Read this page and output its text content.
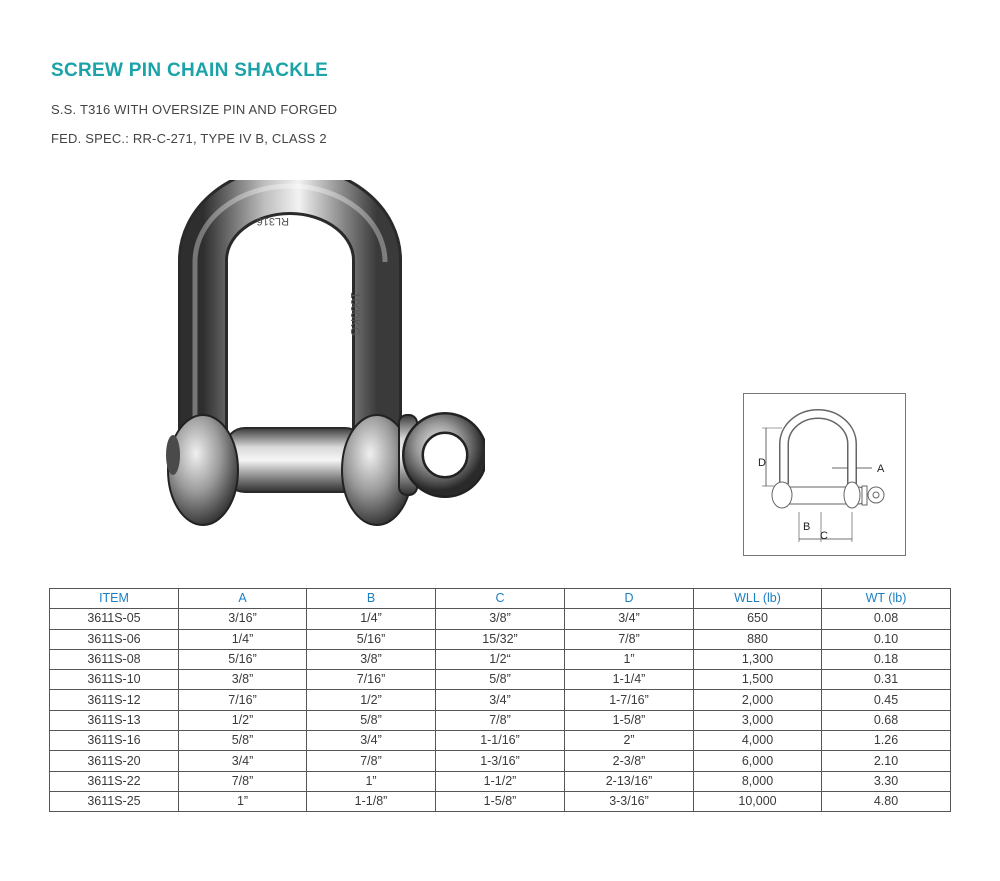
SCREW PIN CHAIN SHACKLE
S.S. T316 WITH OVERSIZE PIN AND FORGED
FED. SPEC.: RR-C-271, TYPE IV B, CLASS 2
RL316
1000KG
D	A
B
C
ITEM	A	B	C	D	WLL (lb)	WT (lb)
3611S-05	3/16”	1/4”	3/8”	3/4”	650	0.08
3611S-06	1/4”	5/16”	15/32”	7/8”	880	0.10
3611S-08	5/16”	3/8”	1/2“	1”	1,300	0.18
3611S-10	3/8”	7/16”	5/8”	1-1/4”	1,500	0.31
3611S-12	7/16”	1/2”	3/4”	1-7/16”	2,000	0.45
3611S-13	1/2”	5/8”	7/8”	1-5/8”	3,000	0.68
3611S-16	5/8”	3/4”	1-1/16”	2”	4,000	1.26
3611S-20	3/4”	7/8”	1-3/16”	2-3/8”	6,000	2.10
3611S-22	7/8”	1”	1-1/2”	2-13/16”	8,000	3.30
3611S-25	1”	1-1/8”	1-5/8”	3-3/16”	10,000	4.80
